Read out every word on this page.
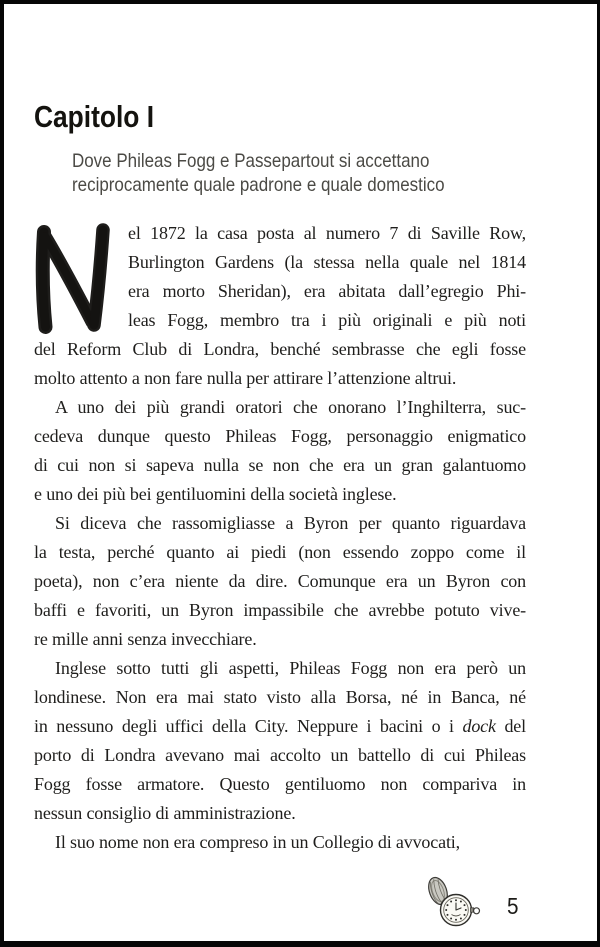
Capitolo I
Dove Phileas Fogg e Passepartout si accettano
reciprocamente quale padrone e quale domestico
el 1872 la casa posta al numero 7 di Saville Row,
Burlington Gardens (la stessa nella quale nel 1814
era morto Sheridan), era abitata dall’egregio Phi-
leas Fogg, membro tra i più originali e più noti
del Reform Club di Londra, benché sembrasse che egli fosse
molto attento a non fare nulla per attirare l’attenzione altrui.
A uno dei più grandi oratori che onorano l’Inghilterra, suc-
cedeva dunque questo Phileas Fogg, personaggio enigmatico
di cui non si sapeva nulla se non che era un gran galantuomo
e uno dei più bei gentiluomini della società inglese.
Si diceva che rassomigliasse a Byron per quanto riguardava
la testa, perché quanto ai piedi (non essendo zoppo come il
poeta), non c’era niente da dire. Comunque era un Byron con
baffi e favoriti, un Byron impassibile che avrebbe potuto vive-
re mille anni senza invecchiare.
Inglese sotto tutti gli aspetti, Phileas Fogg non era però un
londinese. Non era mai stato visto alla Borsa, né in Banca, né
in nessuno degli uffici della City. Neppure i bacini o i dock del
porto di Londra avevano mai accolto un battello di cui Phileas
Fogg fosse armatore. Questo gentiluomo non compariva in
nessun consiglio di amministrazione.
Il suo nome non era compreso in un Collegio di avvocati,
5
